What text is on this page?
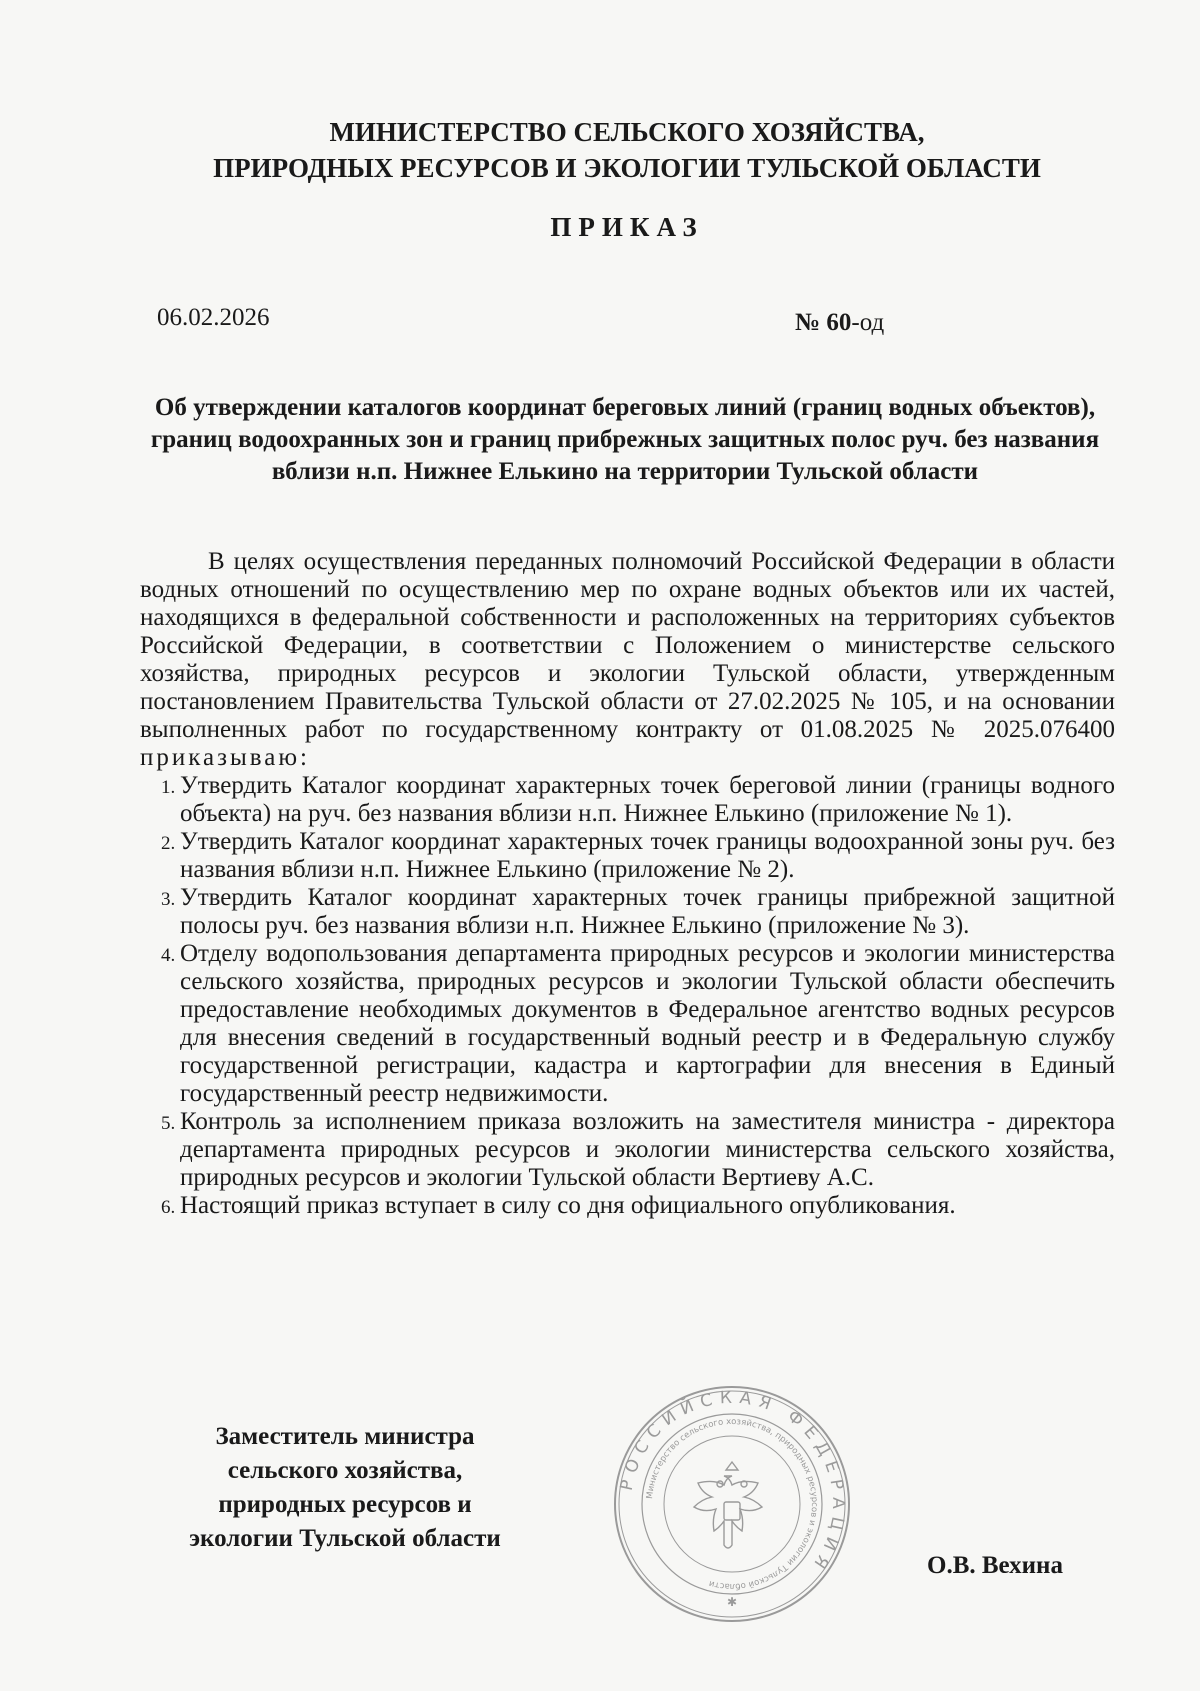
МИНИСТЕРСТВО СЕЛЬСКОГО ХОЗЯЙСТВА,
ПРИРОДНЫХ РЕСУРСОВ И ЭКОЛОГИИ ТУЛЬСКОЙ ОБЛАСТИ
ПРИКАЗ
06.02.2026	№ 60-од
Об утверждении каталогов координат береговых линий (границ водных объектов), границ водоохранных зон и границ прибрежных защитных полос руч. без названия вблизи н.п. Нижнее Елькино на территории Тульской области

В целях осуществления переданных полномочий Российской Федерации в области водных отношений по осуществлению мер по охране водных объектов или их частей, находящихся в федеральной собственности и расположенных на территориях субъектов Российской Федерации, в соответствии с Положением о министерстве сельского хозяйства, природных ресурсов и экологии Тульской области, утвержденным постановлением Правительства Тульской области от 27.02.2025 № 105, и на основании выполненных работ по государственному контракту от 01.08.2025 № 2025.076400 приказываю:

1. Утвердить Каталог координат характерных точек береговой линии (границы водного объекта) на руч. без названия вблизи н.п. Нижнее Елькино (приложение № 1).
2. Утвердить Каталог координат характерных точек границы водоохранной зоны руч. без названия вблизи н.п. Нижнее Елькино (приложение № 2).
3. Утвердить Каталог координат характерных точек границы прибрежной защитной полосы руч. без названия вблизи н.п. Нижнее Елькино (приложение № 3).
4. Отделу водопользования департамента природных ресурсов и экологии министерства сельского хозяйства, природных ресурсов и экологии Тульской области обеспечить предоставление необходимых документов в Федеральное агентство водных ресурсов для внесения сведений в государственный водный реестр и в Федеральную службу государственной регистрации, кадастра и картографии для внесения в Единый государственный реестр недвижимости.
5. Контроль за исполнением приказа возложить на заместителя министра - директора департамента природных ресурсов и экологии министерства сельского хозяйства, природных ресурсов и экологии Тульской области Вертиеву А.С.
6. Настоящий приказ вступает в силу со дня официального опубликования.
Заместитель министра
сельского хозяйства,
природных ресурсов и
экологии Тульской области
РОССИЙСКАЯ ФЕДЕРАЦИЯ
Министерство сельского хозяйства, природных ресурсов и экологии Тульской области
✱
О.В. Вехина
